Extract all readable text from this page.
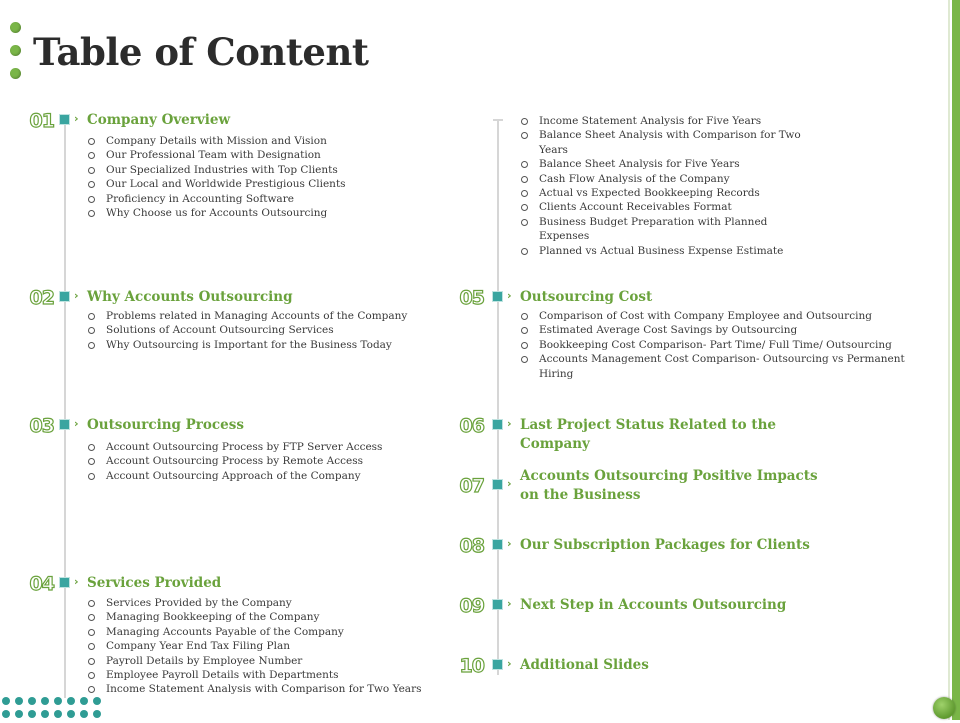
Table of Content
01 › Company Overview
Company Details with Mission and Vision
Our Professional Team with Designation
Our Specialized Industries with Top Clients
Our Local and Worldwide Prestigious Clients
Proficiency in Accounting Software
Why Choose us for Accounts Outsourcing
02 › Why Accounts Outsourcing
Problems related in Managing Accounts of the Company
Solutions of Account Outsourcing Services
Why Outsourcing is Important for the Business Today
03 › Outsourcing Process
Account Outsourcing Process by FTP Server Access
Account Outsourcing Process by Remote Access
Account Outsourcing Approach of the Company
04 › Services Provided
Services Provided by the Company
Managing Bookkeeping of the Company
Managing Accounts Payable of the Company
Company Year End Tax Filing Plan
Payroll Details by Employee Number
Employee Payroll Details with Departments
Income Statement Analysis with Comparison for Two Years
Income Statement Analysis for Five Years
Balance Sheet Analysis with Comparison for Two Years
Balance Sheet Analysis for Five Years
Cash Flow Analysis of the Company
Actual vs Expected Bookkeeping Records
Clients Account Receivables Format
Business Budget Preparation with Planned Expenses
Planned vs Actual Business Expense Estimate
05 › Outsourcing Cost
Comparison of Cost with Company Employee and Outsourcing
Estimated Average Cost Savings by Outsourcing
Bookkeeping Cost Comparison- Part Time/ Full Time/ Outsourcing
Accounts Management Cost Comparison- Outsourcing vs Permanent Hiring
06 › Last Project Status Related to the Company
07 › Accounts Outsourcing Positive Impacts on the Business
08 › Our Subscription Packages for Clients
09 › Next Step in Accounts Outsourcing
10 › Additional Slides
